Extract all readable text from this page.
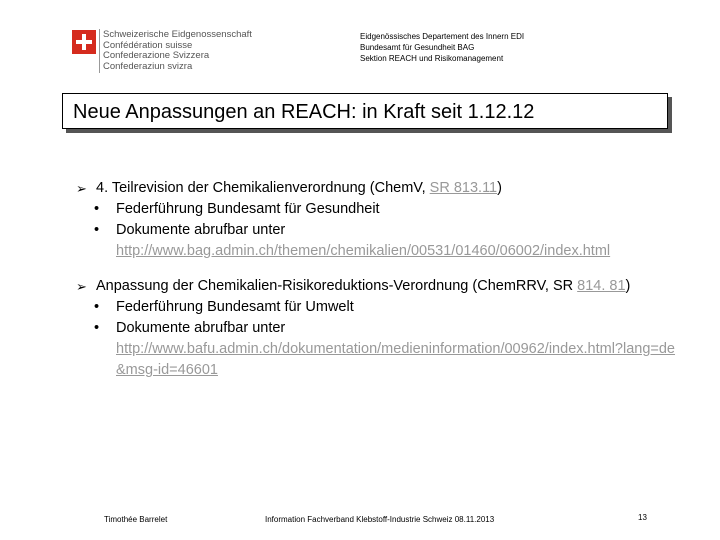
Schweizerische Eidgenossenschaft
Confédération suisse
Confederazione Svizzera
Confederaziun svizra
Eidgenössisches Departement des Innern EDI
Bundesamt für Gesundheit BAG
Sektion REACH und Risikomanagement
Neue Anpassungen an REACH: in Kraft seit 1.12.12
➢ 4. Teilrevision der Chemikalienverordnung (ChemV, SR 813.11)
• Federführung Bundesamt für Gesundheit
• Dokumente abrufbar unter
http://www.bag.admin.ch/themen/chemikalien/00531/01460/06002/index.html
➢ Anpassung der Chemikalien-Risikoreduktions-Verordnung (ChemRRV, SR 814. 81)
• Federführung Bundesamt für Umwelt
• Dokumente abrufbar unter
http://www.bafu.admin.ch/dokumentation/medieninformation/00962/index.html?lang=de&msg-id=46601
Timothée Barrelet	Information Fachverband Klebstoff-Industrie Schweiz 08.11.2013	13
